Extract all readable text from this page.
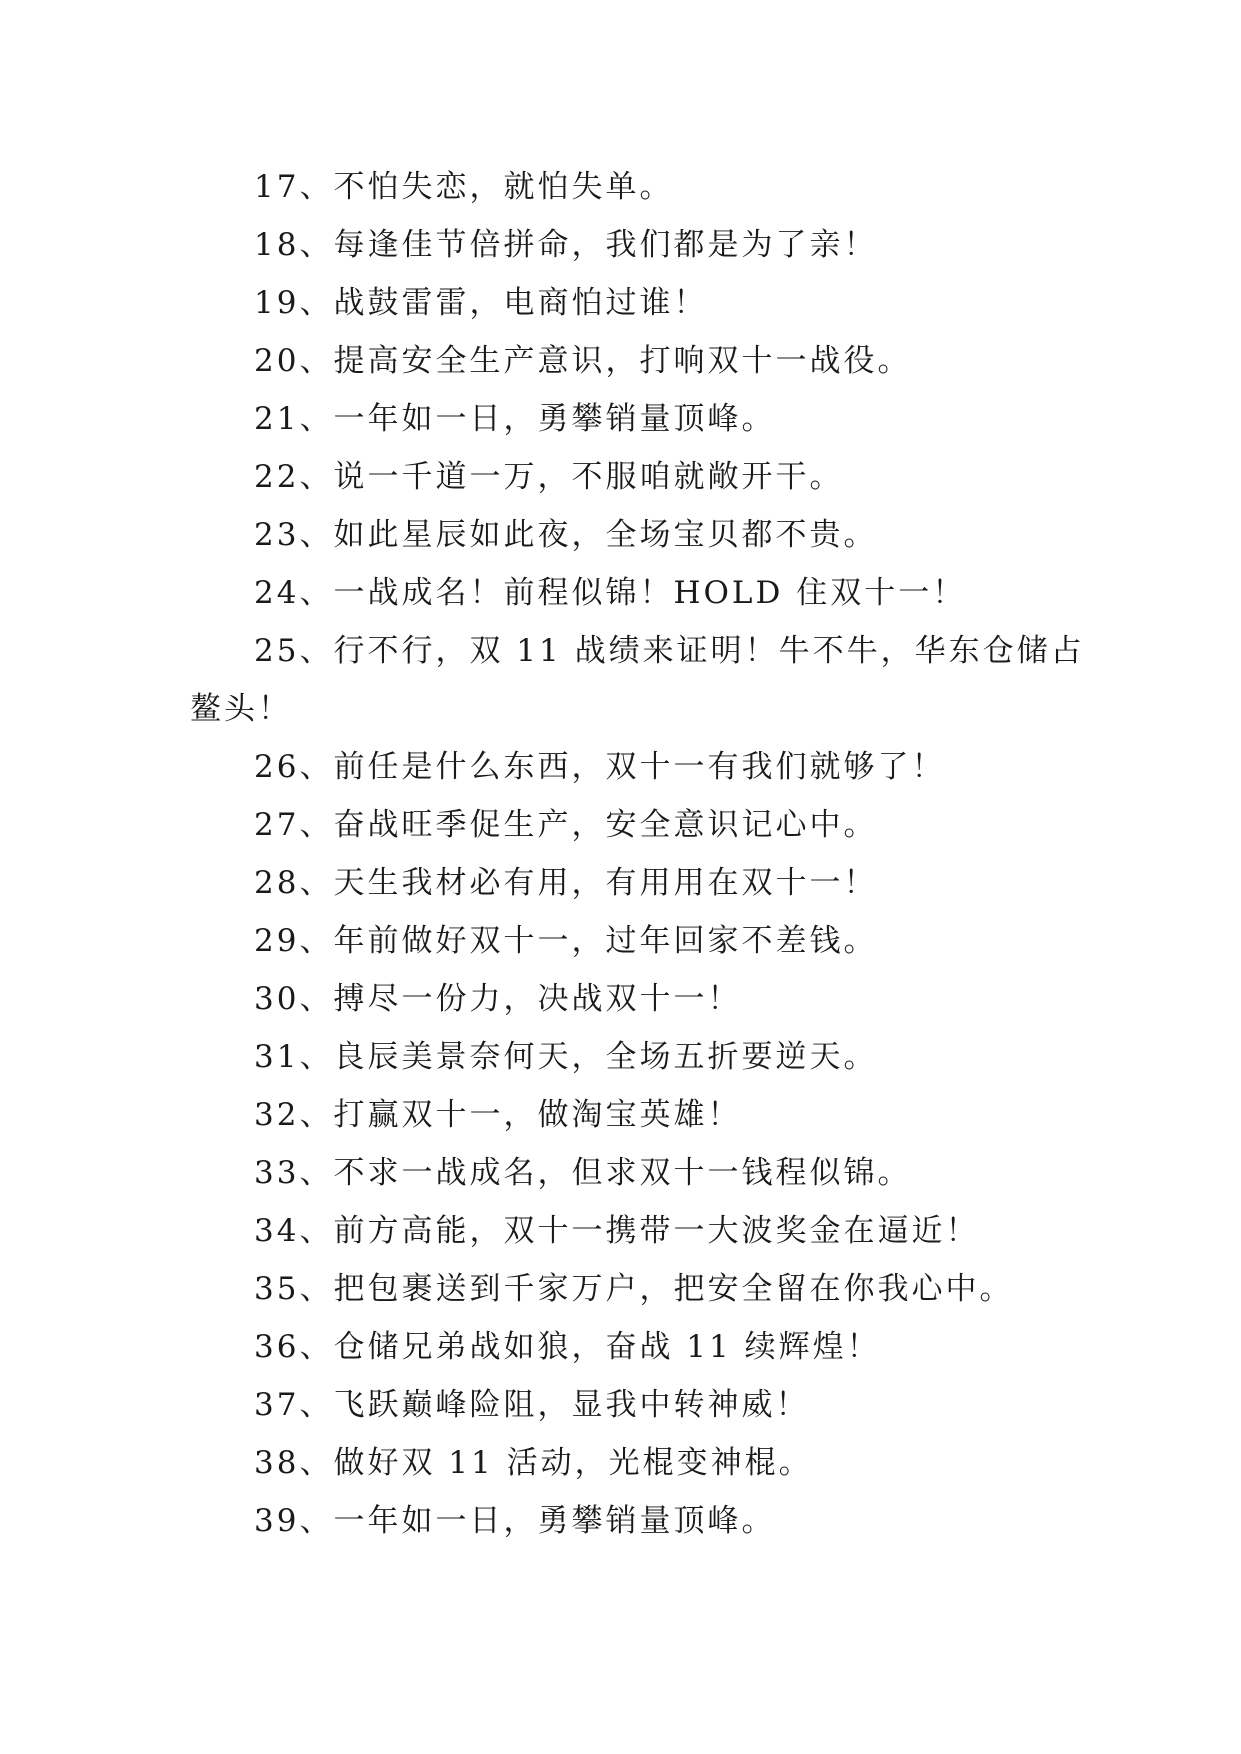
17、不怕失恋，就怕失单。
18、每逢佳节倍拼命，我们都是为了亲！
19、战鼓雷雷，电商怕过谁！
20、提高安全生产意识，打响双十一战役。
21、一年如一日，勇攀销量顶峰。
22、说一千道一万，不服咱就敞开干。
23、如此星辰如此夜，全场宝贝都不贵。
24、一战成名！前程似锦！HOLD 住双十一！
25、行不行，双 11 战绩来证明！牛不牛，华东仓储占
鳌头！
26、前任是什么东西，双十一有我们就够了！
27、奋战旺季促生产，安全意识记心中。
28、天生我材必有用，有用用在双十一！
29、年前做好双十一，过年回家不差钱。
30、搏尽一份力，决战双十一！
31、良辰美景奈何天，全场五折要逆天。
32、打赢双十一，做淘宝英雄！
33、不求一战成名，但求双十一钱程似锦。
34、前方高能，双十一携带一大波奖金在逼近！
35、把包裹送到千家万户，把安全留在你我心中。
36、仓储兄弟战如狼，奋战 11 续辉煌！
37、飞跃巅峰险阻，显我中转神威！
38、做好双 11 活动，光棍变神棍。
39、一年如一日，勇攀销量顶峰。
